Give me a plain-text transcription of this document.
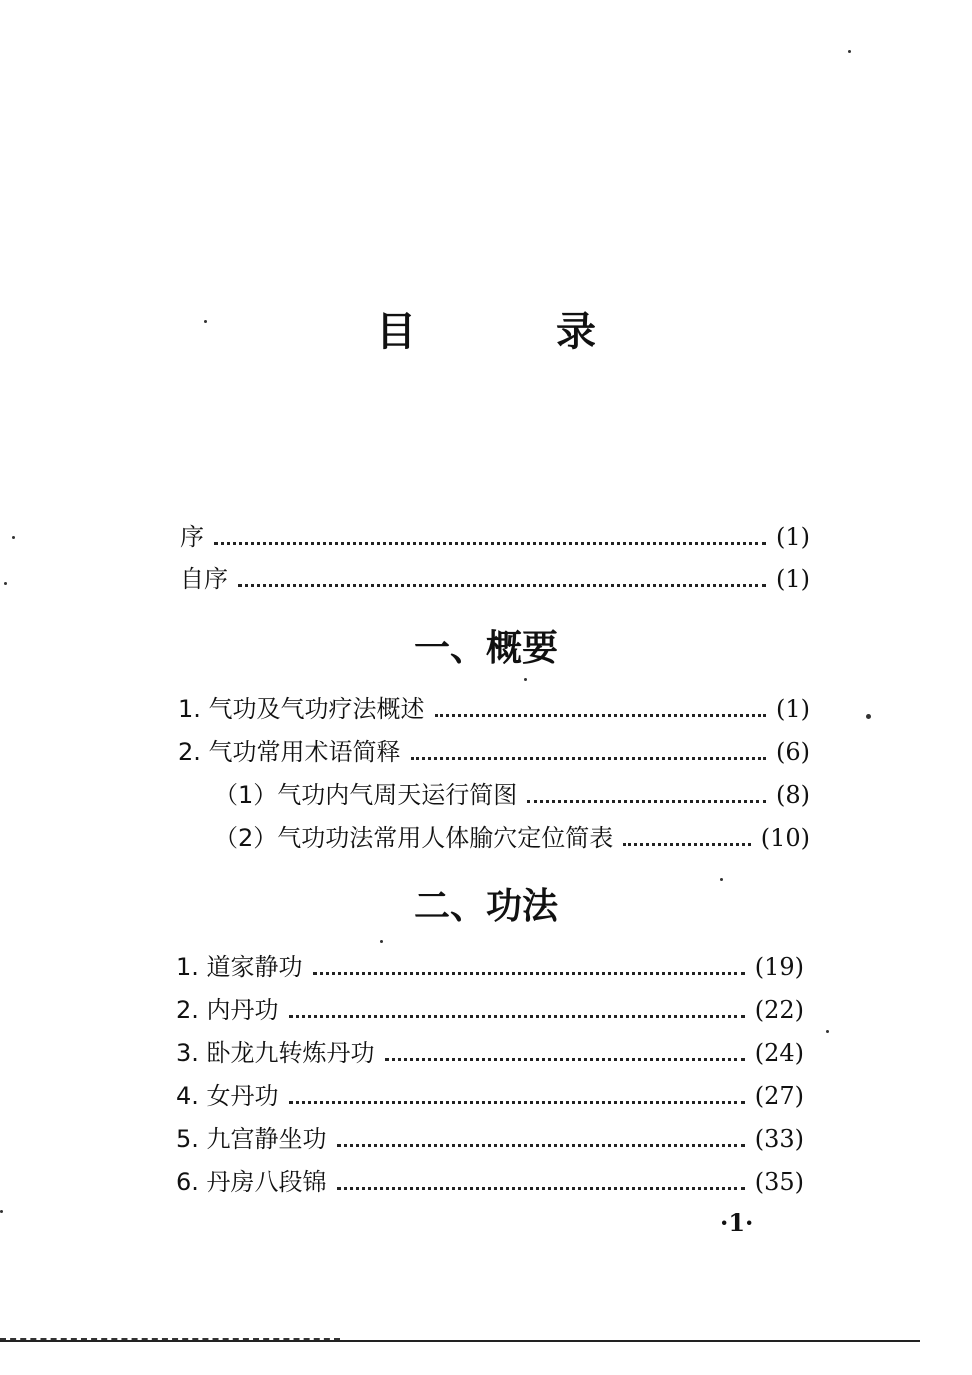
目录
序	(1)
自序	(1)
一、概要
1. 气功及气功疗法概述	(1)
2. 气功常用术语简释	(6)
（1）气功内气周天运行简图	(8)
（2）气功功法常用人体腧穴定位简表	(10)
二、功法
1. 道家静功	(19)
2. 内丹功	(22)
3. 卧龙九转炼丹功	(24)
4. 女丹功	(27)
5. 九宫静坐功	(33)
6. 丹房八段锦	(35)
·1·
